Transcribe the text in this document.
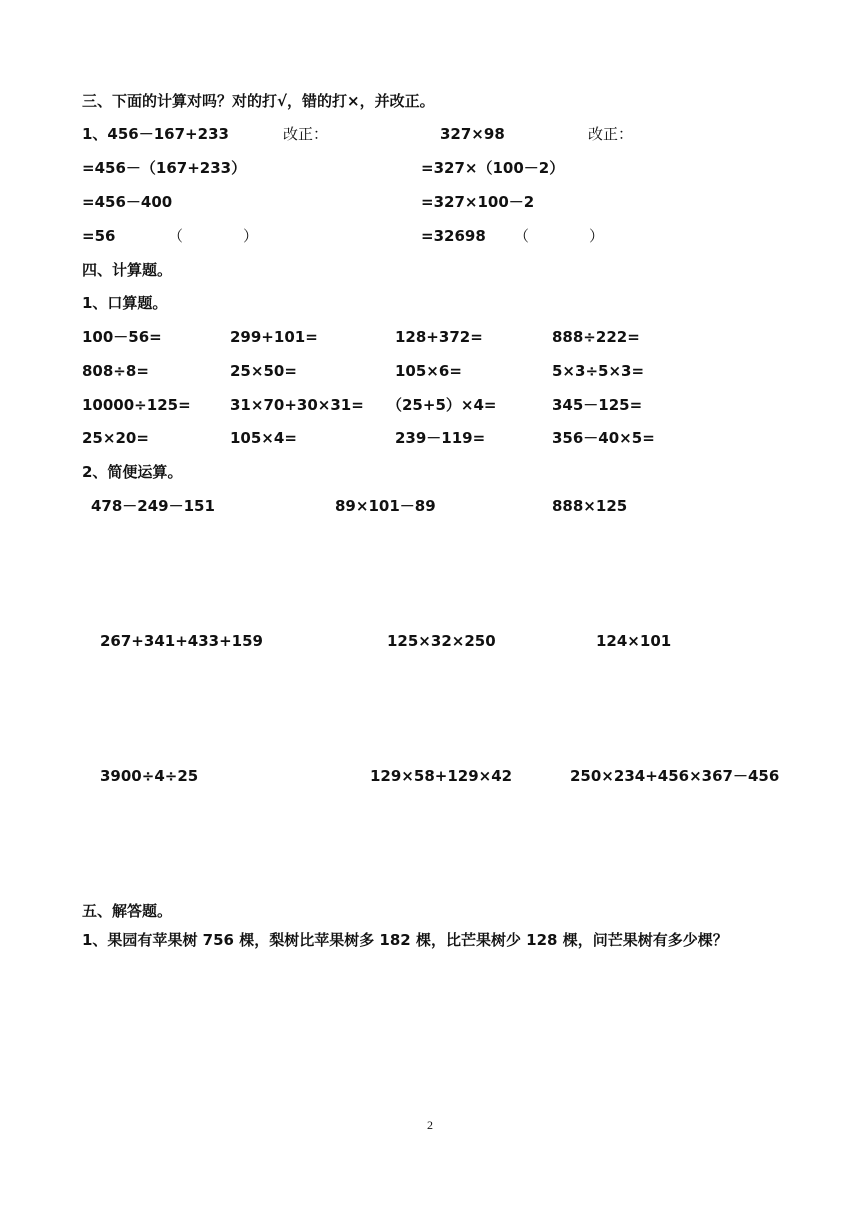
三、下面的计算对吗？对的打√，错的打×，并改正。
1、456－167+233	改正：	327×98	改正：
=456－（167+233）	=327×（100－2）
=456－400	=327×100－2
=56	（　　　　）	=32698 （　　　　）
四、计算题。
1、口算题。
100－56=	299+101=	128+372=	888÷222=
808÷8=	25×50=	105×6=	5×3÷5×3=
10000÷125=	31×70+30×31= （25+5）×4=	345－125=
25×20=	105×4=	239－119=	356－40×5=
2、简便运算。
478－249－151	89×101－89	888×125
267+341+433+159	125×32×250	124×101
3900÷4÷25	129×58+129×42	250×234+456×367－456
五、解答题。
1、果园有苹果树 756 棵，梨树比苹果树多 182 棵，比芒果树少 128 棵，问芒果树有多少棵？
2
